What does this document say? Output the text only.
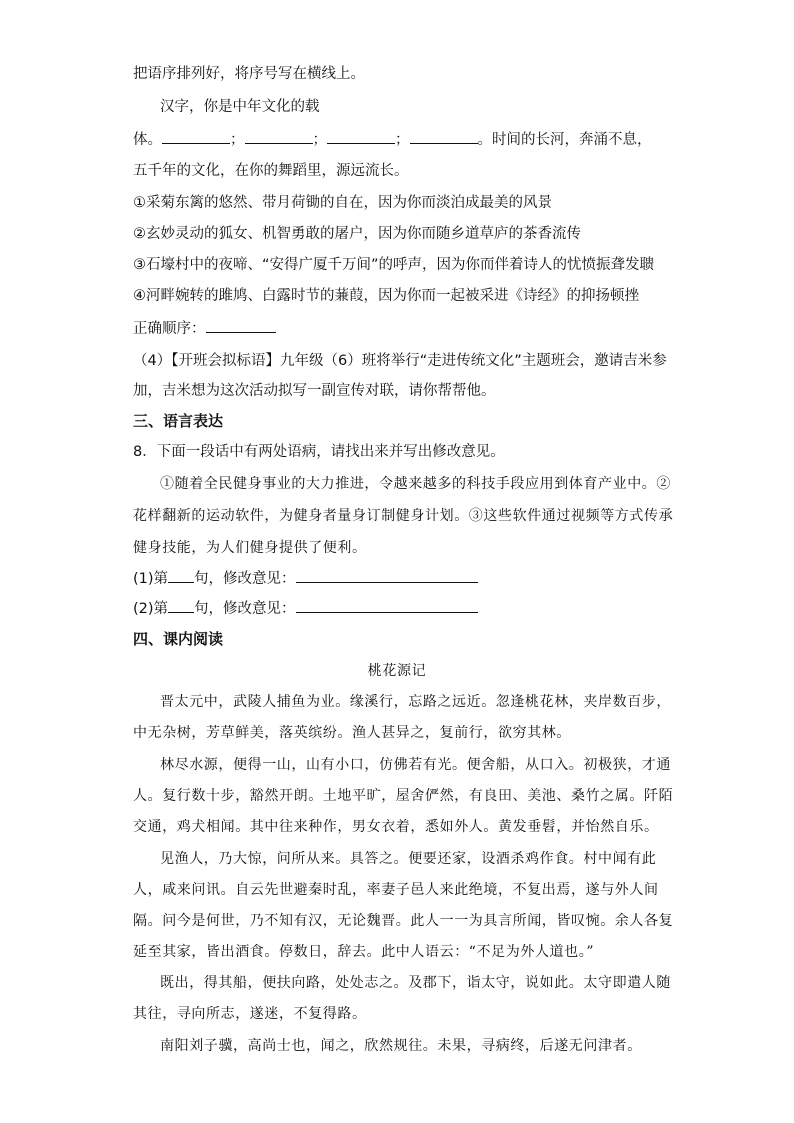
把语序排列好，将序号写在横线上。
汉字，你是中年文化的载
体。	；	；	；	。时间的长河，奔涌不息，
五千年的文化，在你的舞蹈里，源远流长。
①采菊东篱的悠然、带月荷锄的自在，因为你而淡泊成最美的风景
②玄妙灵动的狐女、机智勇敢的屠户，因为你而随乡道草庐的茶香流传
③石壕村中的夜啼、“安得广厦千万间”的呼声，因为你而伴着诗人的忧愤振聋发聩
④河畔婉转的雎鸠、白露时节的蒹葭，因为你而一起被采进《诗经》的抑扬顿挫
正确顺序：
（4）【开班会拟标语】九年级（6）班将举行“走进传统文化”主题班会，邀请吉米参
加，吉米想为这次活动拟写一副宣传对联，请你帮帮他。
三、语言表达
8．下面一段话中有两处语病，请找出来并写出修改意见。
①随着全民健身事业的大力推进，令越来越多的科技手段应用到体育产业中。②
花样翻新的运动软件，为健身者量身订制健身计划。③这些软件通过视频等方式传承
健身技能，为人们健身提供了便利。
(1)第 句，修改意见：
(2)第 句，修改意见：
四、课内阅读
桃花源记
晋太元中，武陵人捕鱼为业。缘溪行，忘路之远近。忽逢桃花林，夹岸数百步，
中无杂树，芳草鲜美，落英缤纷。渔人甚异之，复前行，欲穷其林。
林尽水源，便得一山，山有小口，仿佛若有光。便舍船，从口入。初极狭，才通
人。复行数十步，豁然开朗。土地平旷，屋舍俨然，有良田、美池、桑竹之属。阡陌
交通，鸡犬相闻。其中往来种作，男女衣着，悉如外人。黄发垂髫，并怡然自乐。
见渔人，乃大惊，问所从来。具答之。便要还家，设酒杀鸡作食。村中闻有此
人，咸来问讯。自云先世避秦时乱，率妻子邑人来此绝境，不复出焉，遂与外人间
隔。问今是何世，乃不知有汉，无论魏晋。此人一一为具言所闻，皆叹惋。余人各复
延至其家，皆出酒食。停数日，辞去。此中人语云：“不足为外人道也。”
既出，得其船，便扶向路，处处志之。及郡下，诣太守，说如此。太守即遣人随
其往，寻向所志，遂迷，不复得路。
南阳刘子骥，高尚士也，闻之，欣然规往。未果，寻病终，后遂无问津者。
